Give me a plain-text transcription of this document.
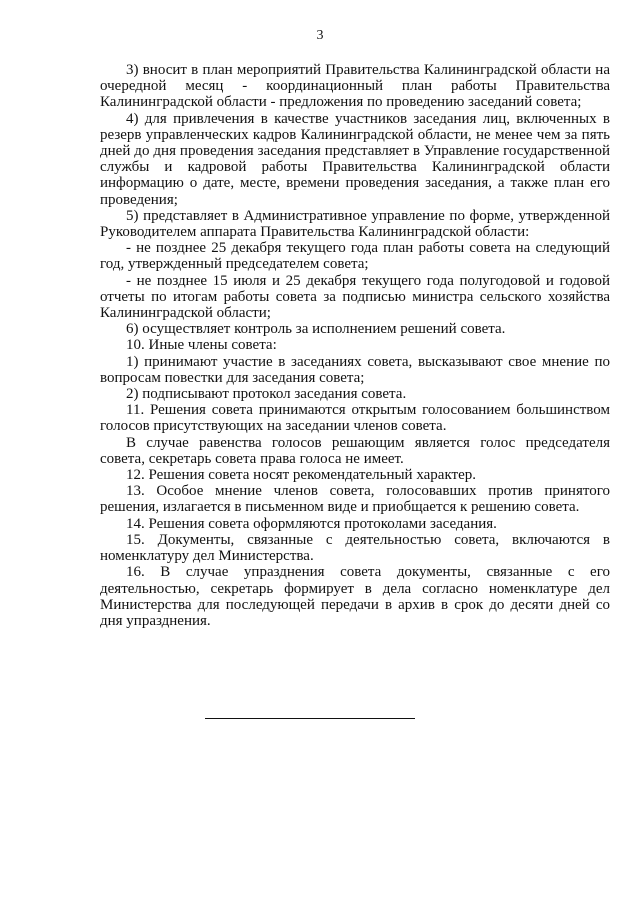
3

3) вносит в план мероприятий Правительства Калининградской области на очередной месяц - координационный план работы Правительства Калининградской области - предложения по проведению заседаний совета;

4) для привлечения в качестве участников заседания лиц, включенных в резерв управленческих кадров Калининградской области, не менее чем за пять дней до дня проведения заседания представляет в Управление государственной службы и кадровой работы Правительства Калининградской области информацию о дате, месте, времени проведения заседания, а также план его проведения;

5) представляет в Административное управление по форме, утвержденной Руководителем аппарата Правительства Калининградской области:

- не позднее 25 декабря текущего года план работы совета на следующий год, утвержденный председателем совета;

- не позднее 15 июля и 25 декабря текущего года полугодовой и годовой отчеты по итогам работы совета за подписью министра сельского хозяйства Калининградской области;

6) осуществляет контроль за исполнением решений совета.

10. Иные члены совета:

1) принимают участие в заседаниях совета, высказывают свое мнение по вопросам повестки для заседания совета;

2) подписывают протокол заседания совета.

11. Решения совета принимаются открытым голосованием большинством голосов присутствующих на заседании членов совета.

В случае равенства голосов решающим является голос председателя совета, секретарь совета права голоса не имеет.

12. Решения совета носят рекомендательный характер.

13. Особое мнение членов совета, голосовавших против принятого решения, излагается в письменном виде и приобщается к решению совета.

14. Решения совета оформляются протоколами заседания.

15. Документы, связанные с деятельностью совета, включаются в номенклатуру дел Министерства.

16. В случае упразднения совета документы, связанные с его деятельностью, секретарь формирует в дела согласно номенклатуре дел Министерства для последующей передачи в архив в срок до десяти дней со дня упразднения.
